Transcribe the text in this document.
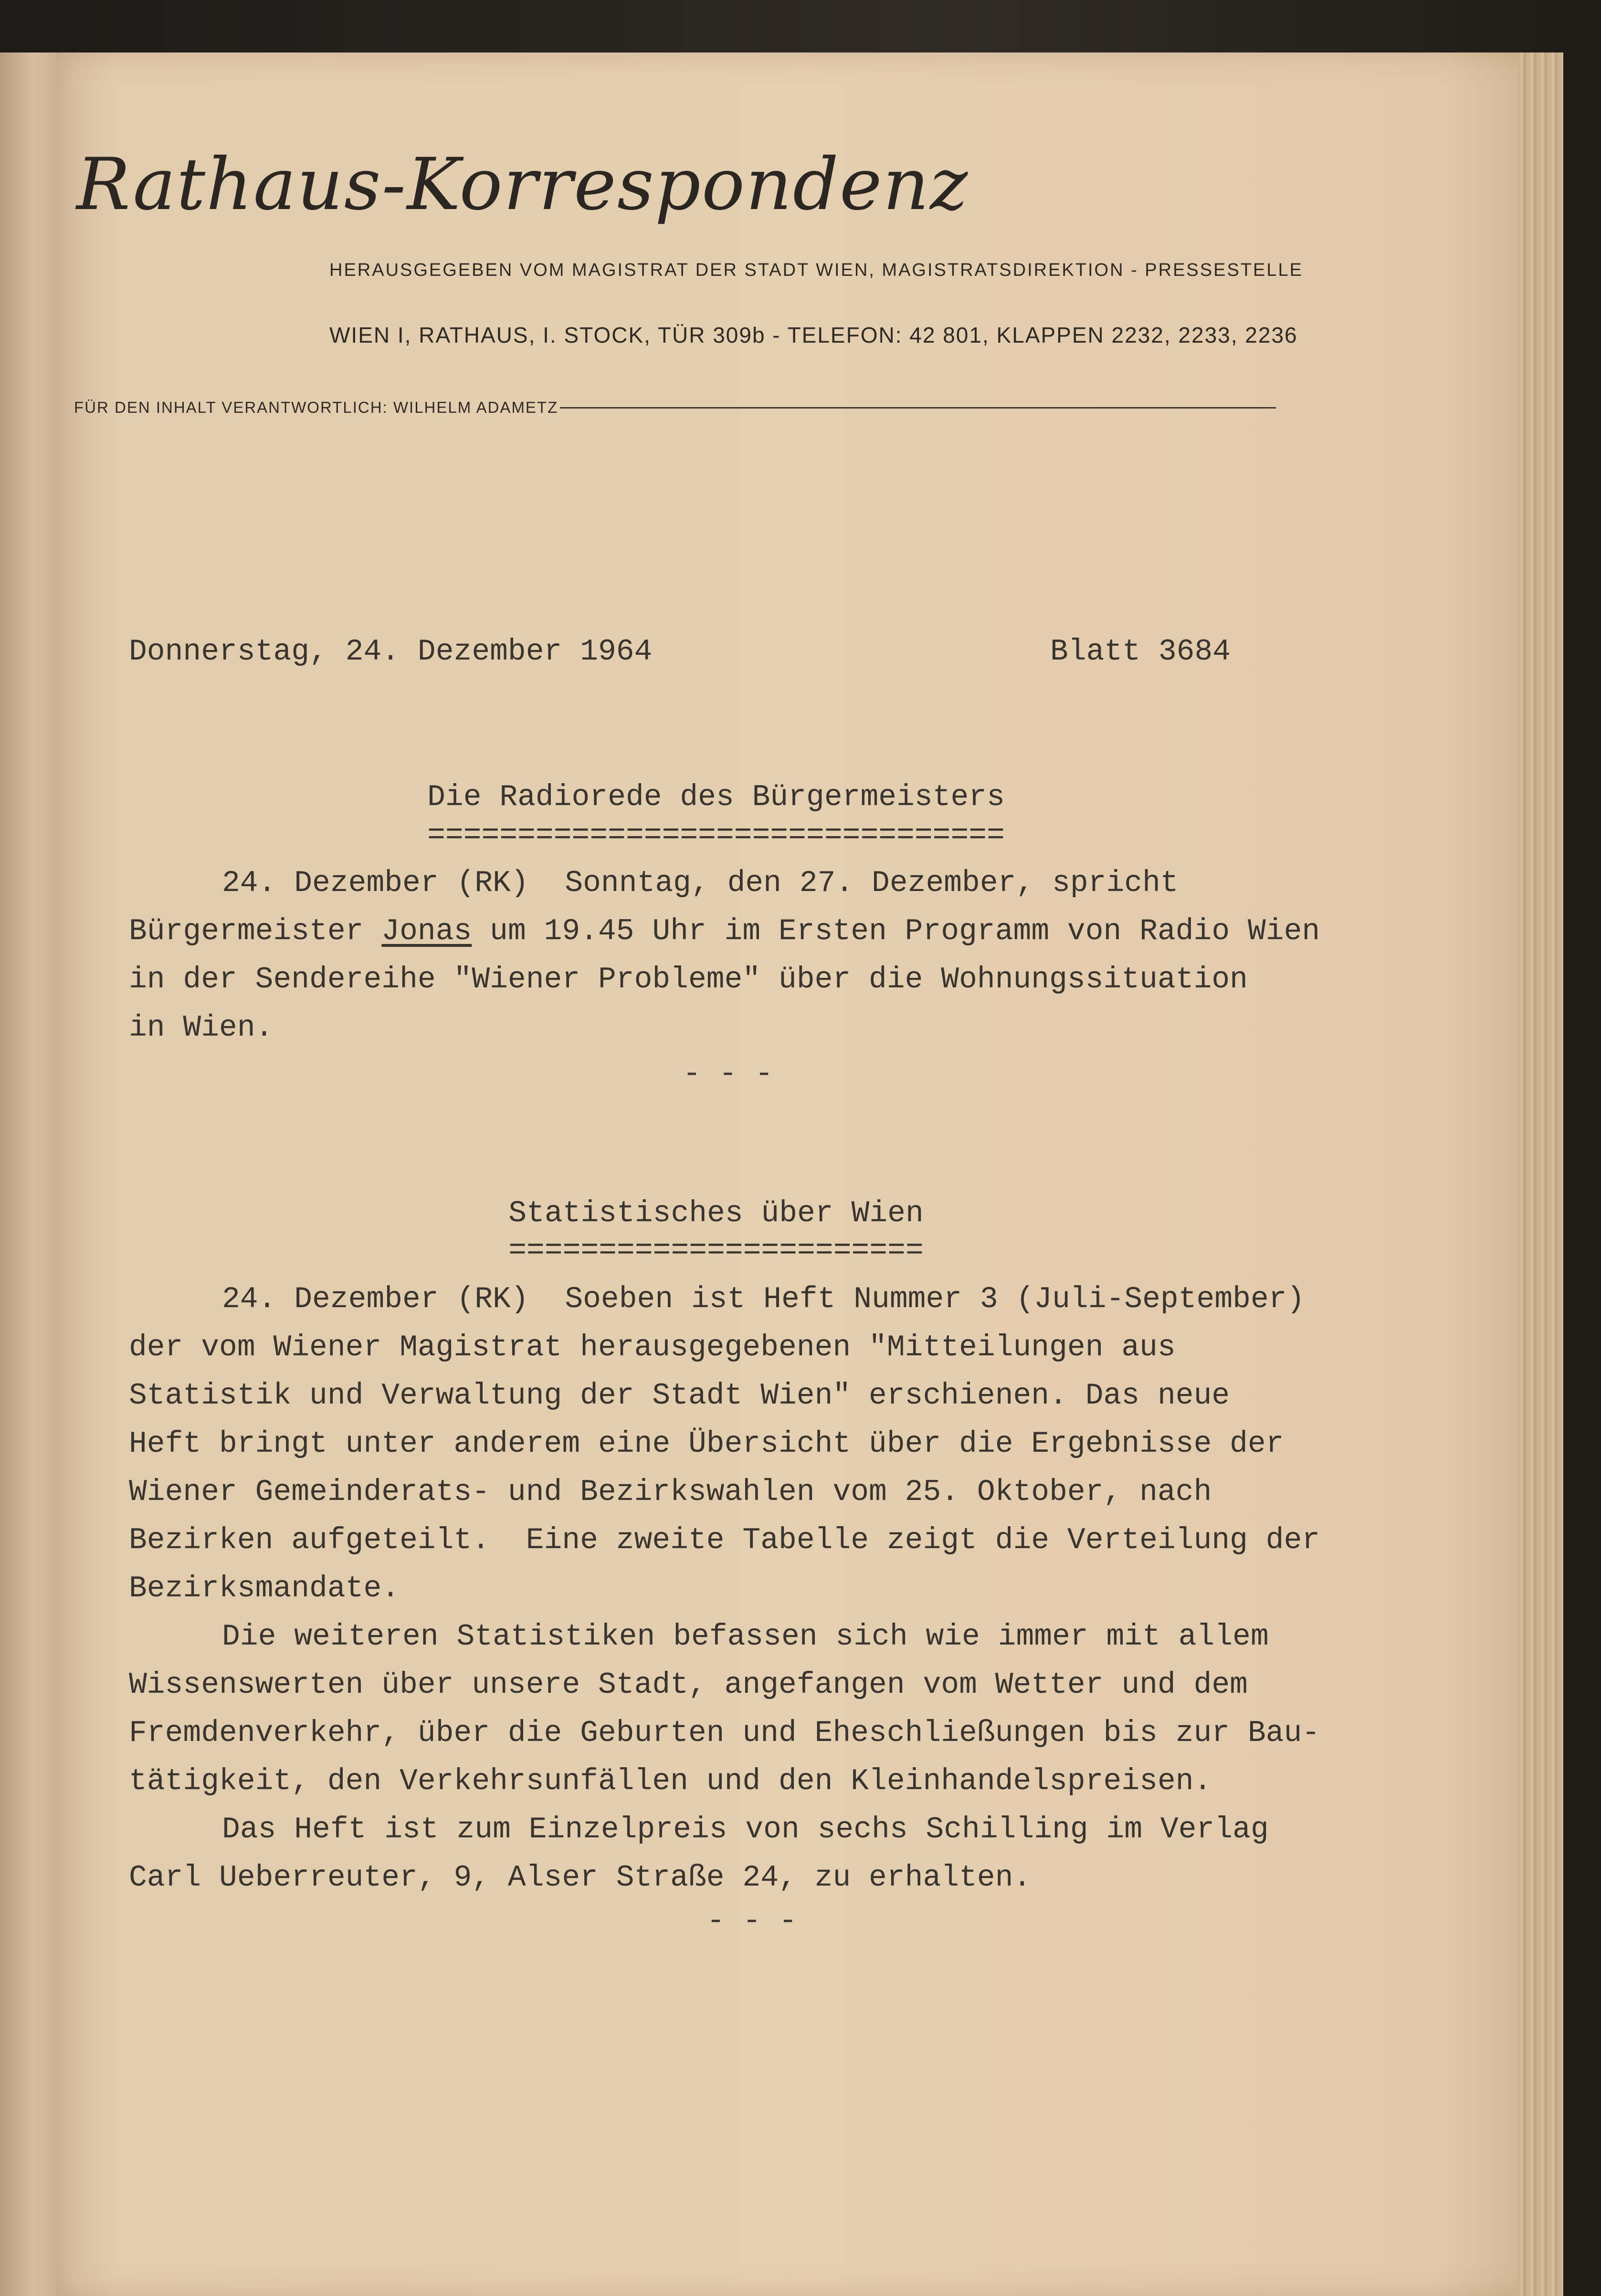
Rathaus-Korrespondenz
HERAUSGEGEBEN VOM MAGISTRAT DER STADT WIEN, MAGISTRATSDIREKTION - PRESSESTELLE
WIEN I, RATHAUS, I. STOCK, TÜR 309b - TELEFON: 42 801, KLAPPEN 2232, 2233, 2236
FÜR DEN INHALT VERANTWORTLICH: WILHELM ADAMETZ
Donnerstag, 24. Dezember 1964	Blatt 3684
Die Radiorede des Bürgermeisters
================================
24. Dezember (RK)  Sonntag, den 27. Dezember, spricht
Bürgermeister Jonas um 19.45 Uhr im Ersten Programm von Radio Wien
in der Sendereihe "Wiener Probleme" über die Wohnungssituation
in Wien.
- - -
Statistisches über Wien
=======================
24. Dezember (RK)  Soeben ist Heft Nummer 3 (Juli-September)
der vom Wiener Magistrat herausgegebenen "Mitteilungen aus
Statistik und Verwaltung der Stadt Wien" erschienen. Das neue
Heft bringt unter anderem eine Übersicht über die Ergebnisse der
Wiener Gemeinderats- und Bezirkswahlen vom 25. Oktober, nach
Bezirken aufgeteilt.  Eine zweite Tabelle zeigt die Verteilung der
Bezirksmandate.
Die weiteren Statistiken befassen sich wie immer mit allem
Wissenswerten über unsere Stadt, angefangen vom Wetter und dem
Fremdenverkehr, über die Geburten und Eheschließungen bis zur Bau-
tätigkeit, den Verkehrsunfällen und den Kleinhandelspreisen.
Das Heft ist zum Einzelpreis von sechs Schilling im Verlag
Carl Ueberreuter, 9, Alser Straße 24, zu erhalten.
- - -
